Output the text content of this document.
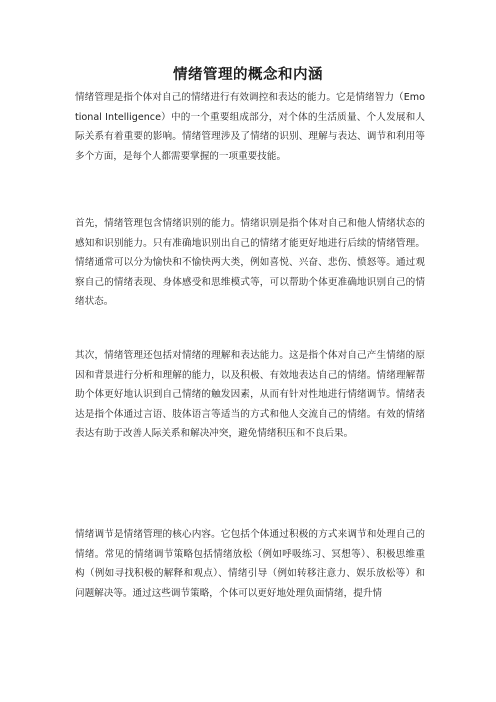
情绪管理的概念和内涵

情绪管理是指个体对自己的情绪进行有效调控和表达的能力。它是情绪智力（Emotional Intelligence）中的一个重要组成部分，对个体的生活质量、个人发展和人际关系有着重要的影响。情绪管理涉及了情绪的识别、理解与表达、调节和利用等多个方面，是每个人都需要掌握的一项重要技能。

首先，情绪管理包含情绪识别的能力。情绪识别是指个体对自己和他人情绪状态的感知和识别能力。只有准确地识别出自己的情绪才能更好地进行后续的情绪管理。情绪通常可以分为愉快和不愉快两大类，例如喜悦、兴奋、悲伤、愤怒等。通过观察自己的情绪表现、身体感受和思维模式等，可以帮助个体更准确地识别自己的情绪状态。

其次，情绪管理还包括对情绪的理解和表达能力。这是指个体对自己产生情绪的原因和背景进行分析和理解的能力，以及积极、有效地表达自己的情绪。情绪理解帮助个体更好地认识到自己情绪的触发因素，从而有针对性地进行情绪调节。情绪表达是指个体通过言语、肢体语言等适当的方式和他人交流自己的情绪。有效的情绪表达有助于改善人际关系和解决冲突，避免情绪积压和不良后果。

情绪调节是情绪管理的核心内容。它包括个体通过积极的方式来调节和处理自己的情绪。常见的情绪调节策略包括情绪放松（例如呼吸练习、冥想等）、积极思维重构（例如寻找积极的解释和观点）、情绪引导（例如转移注意力、娱乐放松等）和问题解决等。通过这些调节策略，个体可以更好地处理负面情绪，提升情
